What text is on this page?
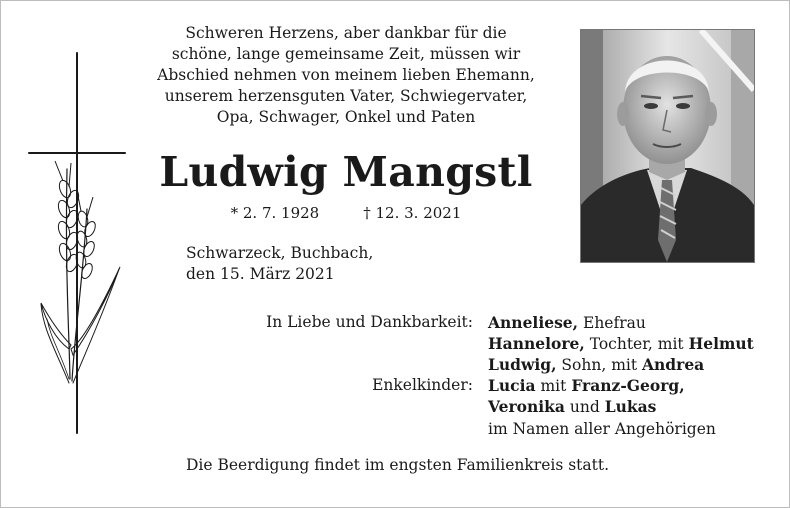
Schweren Herzens, aber dankbar für die
schöne, lange gemeinsame Zeit, müssen wir
Abschied nehmen von meinem lieben Ehemann,
unserem herzensguten Vater, Schwiegervater,
Opa, Schwager, Onkel und Paten
Ludwig Mangstl
* 2. 7. 1928	† 12. 3. 2021
Schwarzeck, Buchbach,
den 15. März 2021
In Liebe und Dankbarkeit:
Enkelkinder:
Anneliese, Ehefrau
Hannelore, Tochter, mit Helmut
Ludwig, Sohn, mit Andrea
Lucia mit Franz-Georg,
Veronika und Lukas
im Namen aller Angehörigen
Die Beerdigung findet im engsten Familienkreis statt.
